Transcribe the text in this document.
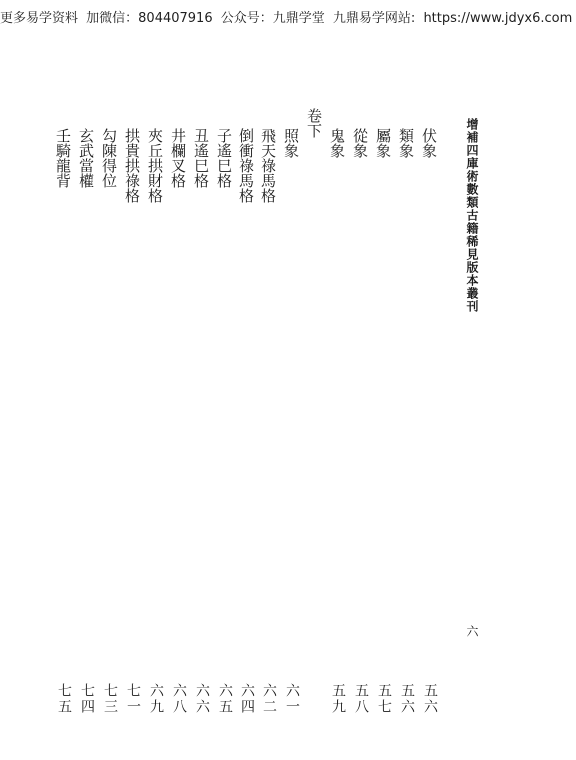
更多易学资料 加微信：804407916 公众号：九鼎学堂 九鼎易学网站: https://www.jdyx6.com
增補四庫術數類古籍稀見版本叢刊
六
伏象
類象
屬象
從象
鬼象
卷下
照象
飛天祿馬格
倒衝祿馬格
子遙巳格
丑遙巳格
井欄叉格
夾丘拱財格
拱貴拱祿格
勾陳得位
玄武當權
壬騎龍背
五六
五六
五七
五八
五九
六一
六二
六四
六五
六六
六八
六九
七一
七三
七四
七五
